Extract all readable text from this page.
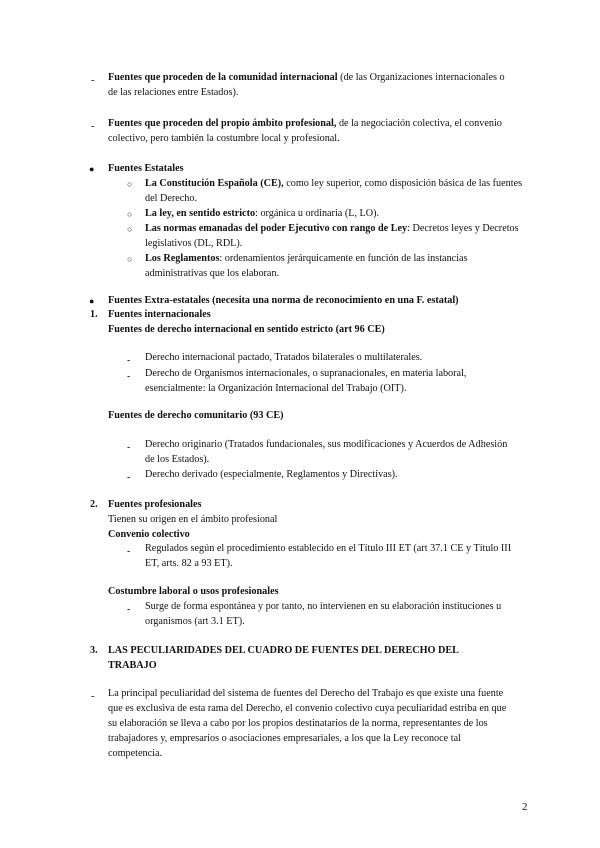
- Fuentes que proceden de la comunidad internacional (de las Organizaciones internacionales o de las relaciones entre Estados).
- Fuentes que proceden del propio ámbito profesional, de la negociación colectiva, el convenio colectivo, pero también la costumbre local y profesional.
● Fuentes Estatales
○ La Constitución Española (CE), como ley superior, como disposición básica de las fuentes del Derecho.
○ La ley, en sentido estricto: orgánica u ordinaria (L, LO).
○ Las normas emanadas del poder Ejecutivo con rango de Ley: Decretos leyes y Decretos legislativos (DL, RDL).
○ Los Reglamentos: ordenamientos jerárquicamente en función de las instancias administrativas que los elaboran.
● Fuentes Extra-estatales (necesita una norma de reconocimiento en una F. estatal)
1. Fuentes internacionales
Fuentes de derecho internacional en sentido estricto (art 96 CE)
- Derecho internacional pactado, Tratados bilaterales o multilaterales.
- Derecho de Organismos internacionales, o supranacionales, en materia laboral, esencialmente: la Organización Internacional del Trabajo (OIT).
Fuentes de derecho comunitario (93 CE)
- Derecho originario (Tratados fundacionales, sus modificaciones y Acuerdos de Adhesión de los Estados).
- Derecho derivado (especialmente, Reglamentos y Directivas).
2. Fuentes profesionales
Tienen su origen en el ámbito profesional
Convenio colectivo
- Regulados según el procedimiento establecido en el Título III ET (art 37.1 CE y Título III ET, arts. 82 a 93 ET).
Costumbre laboral o usos profesionales
- Surge de forma espontánea y por tanto, no intervienen en su elaboración instituciones u organismos (art 3.1 ET).
3. LAS PECULIARIDADES DEL CUADRO DE FUENTES DEL DERECHO DEL TRABAJO
- La principal peculiaridad del sistema de fuentes del Derecho del Trabajo es que existe una fuente que es exclusiva de esta rama del Derecho, el convenio colectivo cuya peculiaridad estriba en que su elaboración se lleva a cabo por los propios destinatarios de la norma, representantes de los trabajadores y, empresarios o asociaciones empresariales, a los que la Ley reconoce tal competencia.
2
